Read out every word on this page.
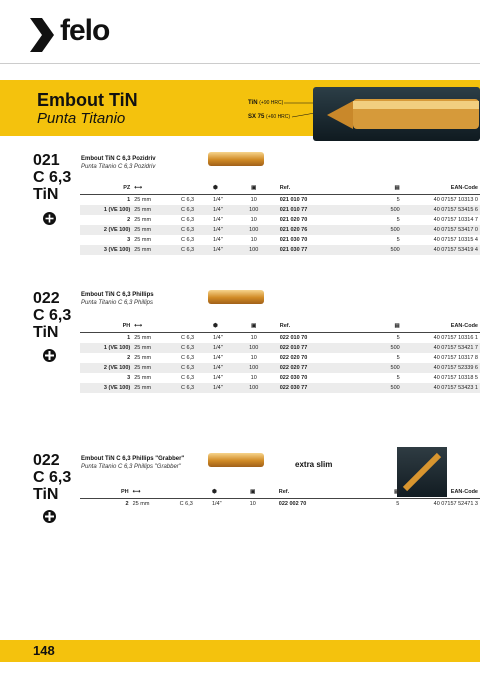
felo
Embout TiN
Punta Titanio
TiN (+90 HRC)
SX 75 (+60 HRC)
021
C 6,3
TiN
Embout TiN C 6,3 Pozidriv
Punta Titanio C 6,3 Pozidriv
PZ	⟷		⬢	▣	Ref.	▤	EAN-Code
1	25 mm	C 6,3	1/4"	10	021 010 70	5	40 07157 10313 0
1 (VE 100)	25 mm	C 6,3	1/4"	100	021 010 77	500	40 07157 53415 6
2	25 mm	C 6,3	1/4"	10	021 020 70	5	40 07157 10314 7
2 (VE 100)	25 mm	C 6,3	1/4"	100	021 020 76	500	40 07157 53417 0
3	25 mm	C 6,3	1/4"	10	021 030 70	5	40 07157 10315 4
3 (VE 100)	25 mm	C 6,3	1/4"	100	021 030 77	500	40 07157 53419 4
022
C 6,3
TiN
Embout TiN C 6,3 Phillips
Punta Titanio C 6,3 Phillips
PH	⟷		⬢	▣	Ref.	▤	EAN-Code
1	25 mm	C 6,3	1/4"	10	022 010 70	5	40 07157 10316 1
1 (VE 100)	25 mm	C 6,3	1/4"	100	022 010 77	500	40 07157 53421 7
2	25 mm	C 6,3	1/4"	10	022 020 70	5	40 07157 10317 8
2 (VE 100)	25 mm	C 6,3	1/4"	100	022 020 77	500	40 07157 52339 6
3	25 mm	C 6,3	1/4"	10	022 030 70	5	40 07157 10318 5
3 (VE 100)	25 mm	C 6,3	1/4"	100	022 030 77	500	40 07157 53423 1
022
C 6,3
TiN
Embout TiN C 6,3 Phillips "Grabber"
Punta Titanio C 6,3 Phillips "Grabber"	extra slim
PH	⟷		⬢	▣	Ref.	▤	EAN-Code
2	25 mm	C 6,3	1/4"	10	022 002 70	5	40 07157 52471 3
148
